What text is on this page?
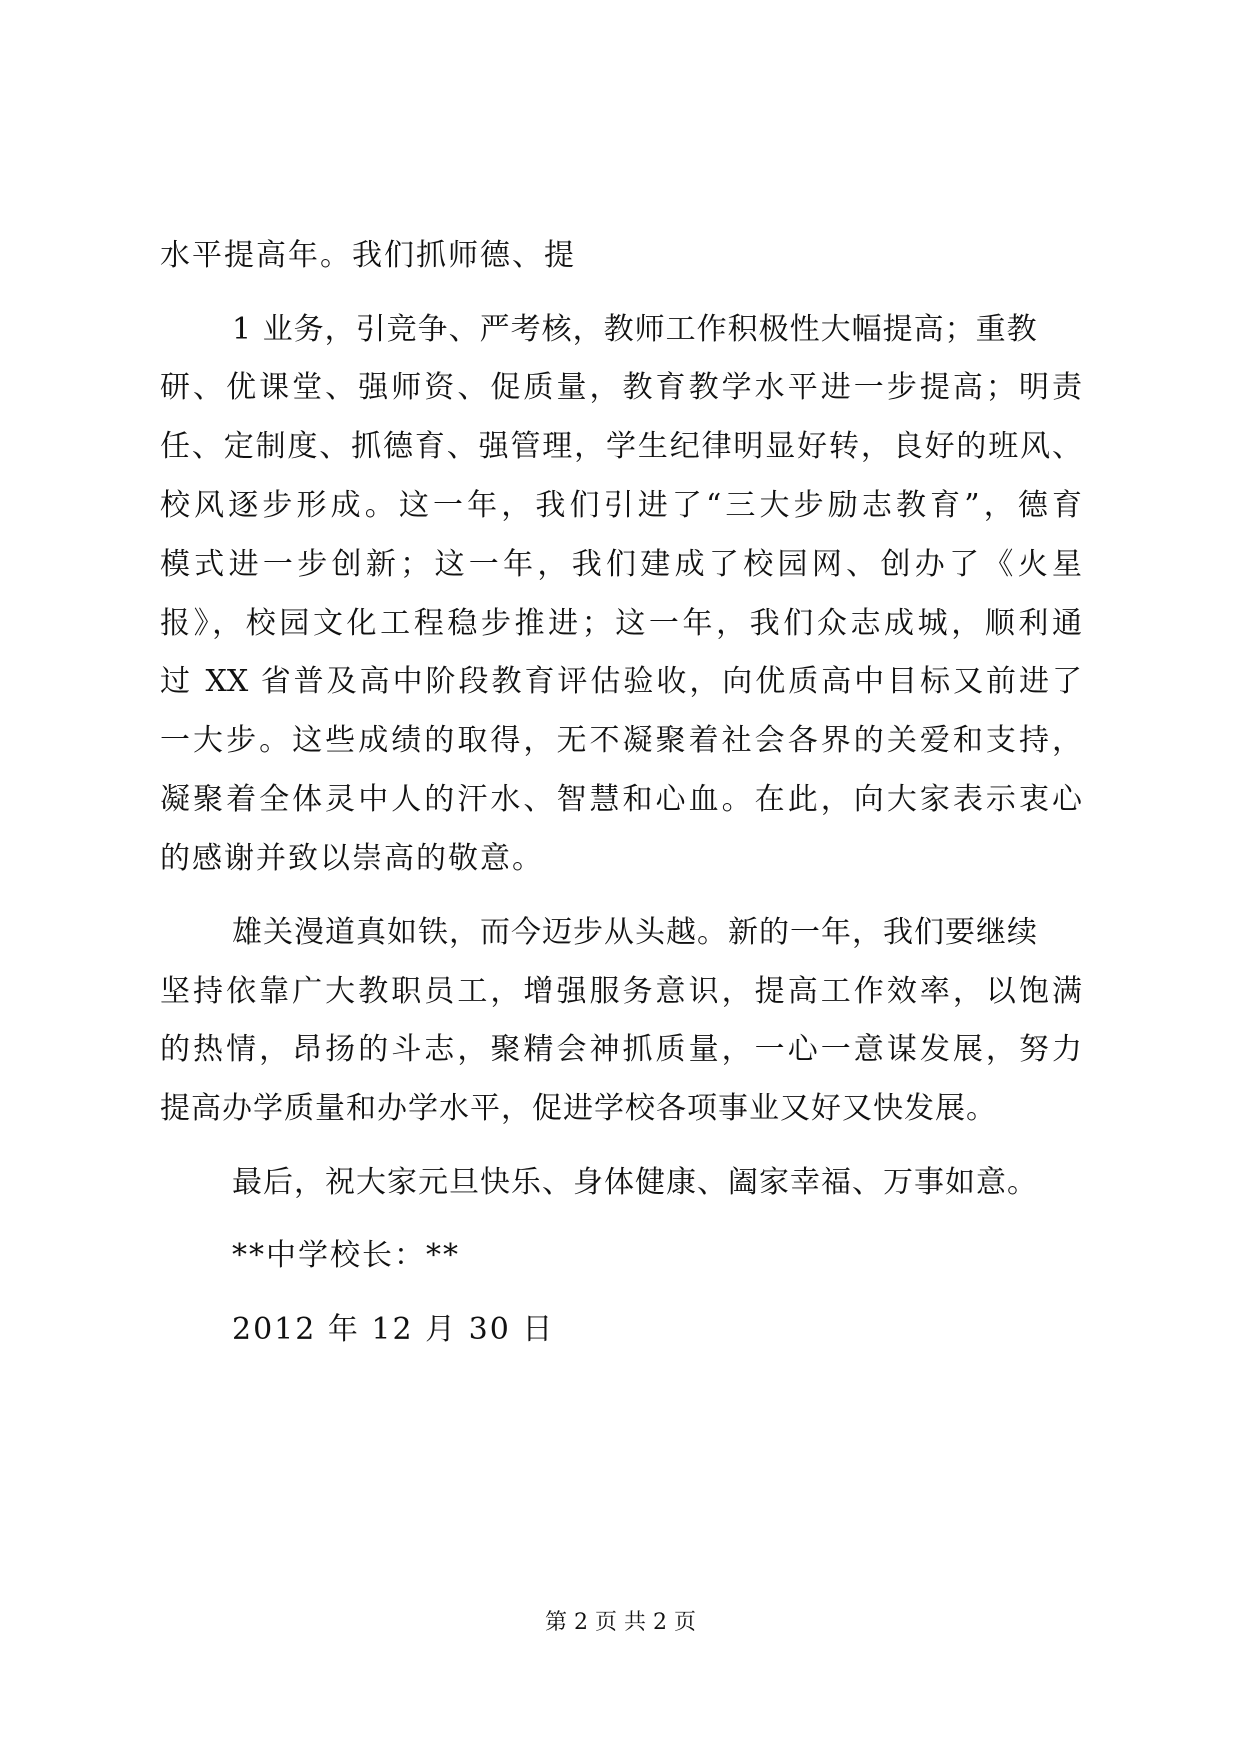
水平提高年。我们抓师德、提
1 业务，引竞争、严考核，教师工作积极性大幅提高；重教
研、优课堂、强师资、促质量，教育教学水平进一步提高；明责
任、定制度、抓德育、强管理，学生纪律明显好转，良好的班风、
校风逐步形成。这一年，我们引进了“三大步励志教育”，德育
模式进一步创新；这一年，我们建成了校园网、创办了《火星
报》，校园文化工程稳步推进；这一年，我们众志成城，顺利通
过 XX 省普及高中阶段教育评估验收，向优质高中目标又前进了
一大步。这些成绩的取得，无不凝聚着社会各界的关爱和支持，
凝聚着全体灵中人的汗水、智慧和心血。在此，向大家表示衷心
的感谢并致以崇高的敬意。
雄关漫道真如铁，而今迈步从头越。新的一年，我们要继续
坚持依靠广大教职员工，增强服务意识，提高工作效率，以饱满
的热情，昂扬的斗志，聚精会神抓质量，一心一意谋发展，努力
提高办学质量和办学水平，促进学校各项事业又好又快发展。
最后，祝大家元旦快乐、身体健康、阖家幸福、万事如意。
**中学校长：**
2012 年 12 月 30 日
第 2 页 共 2 页
